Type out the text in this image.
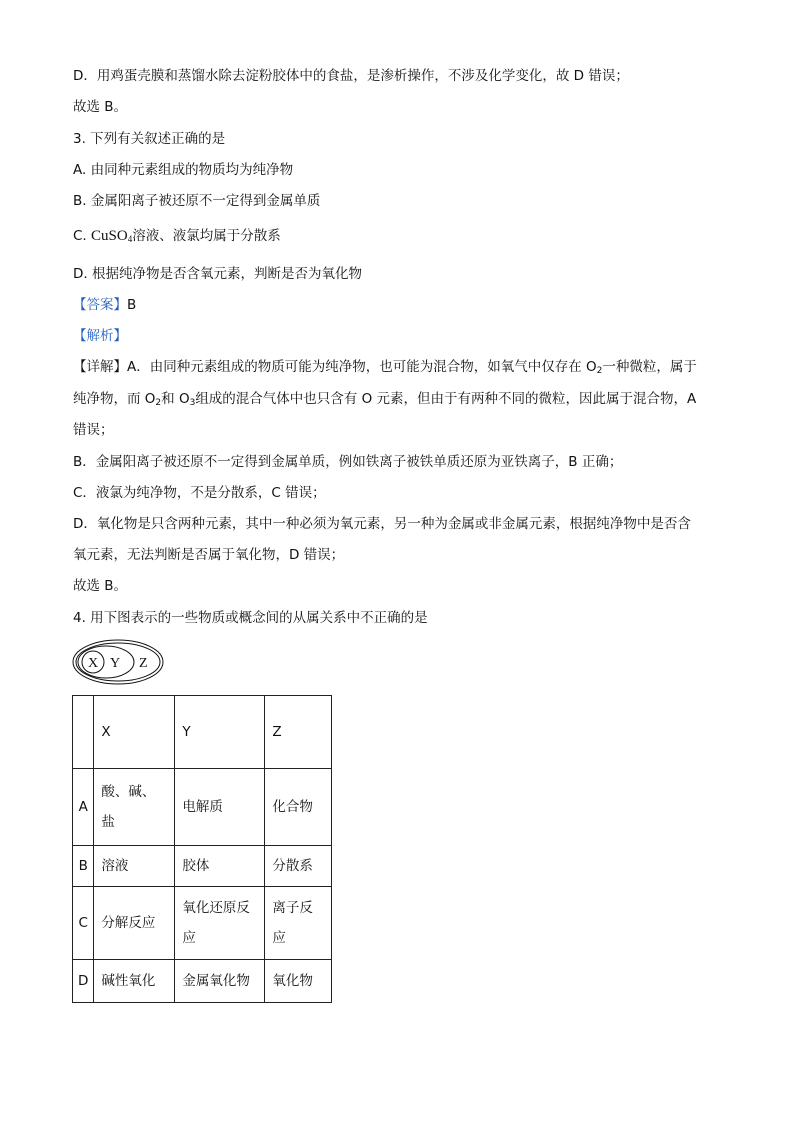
D．用鸡蛋壳膜和蒸馏水除去淀粉胶体中的食盐，是渗析操作，不涉及化学变化，故 D 错误；
故选 B。
3. 下列有关叙述正确的是
A. 由同种元素组成的物质均为纯净物
B. 金属阳离子被还原不一定得到金属单质
C. CuSO$_4$溶液、液氯均属于分散系
D. 根据纯净物是否含氧元素，判断是否为氧化物
【答案】B
【解析】
【详解】A．由同种元素组成的物质可能为纯净物，也可能为混合物，如氧气中仅存在 $O_2$一种微粒，属于
纯净物，而 $O_2$和 $O_3$组成的混合气体中也只含有 O 元素，但由于有两种不同的微粒，因此属于混合物，A
错误；
B．金属阳离子被还原不一定得到金属单质，例如铁离子被铁单质还原为亚铁离子，B 正确；
C．液氯为纯净物，不是分散系，C 错误；
D．氧化物是只含两种元素，其中一种必须为氧元素，另一种为金属或非金属元素，根据纯净物中是否含
氧元素，无法判断是否属于氧化物，D 错误；
故选 B。
4. 用下图表示的一些物质或概念间的从属关系中不正确的是
X Y Z
	X	Y	Z
A	酸、碱、盐	电解质	化合物
B	溶液	胶体	分散系
C	分解反应	氧化还原反应	离子反应
D	碱性氧化	金属氧化物	氧化物
